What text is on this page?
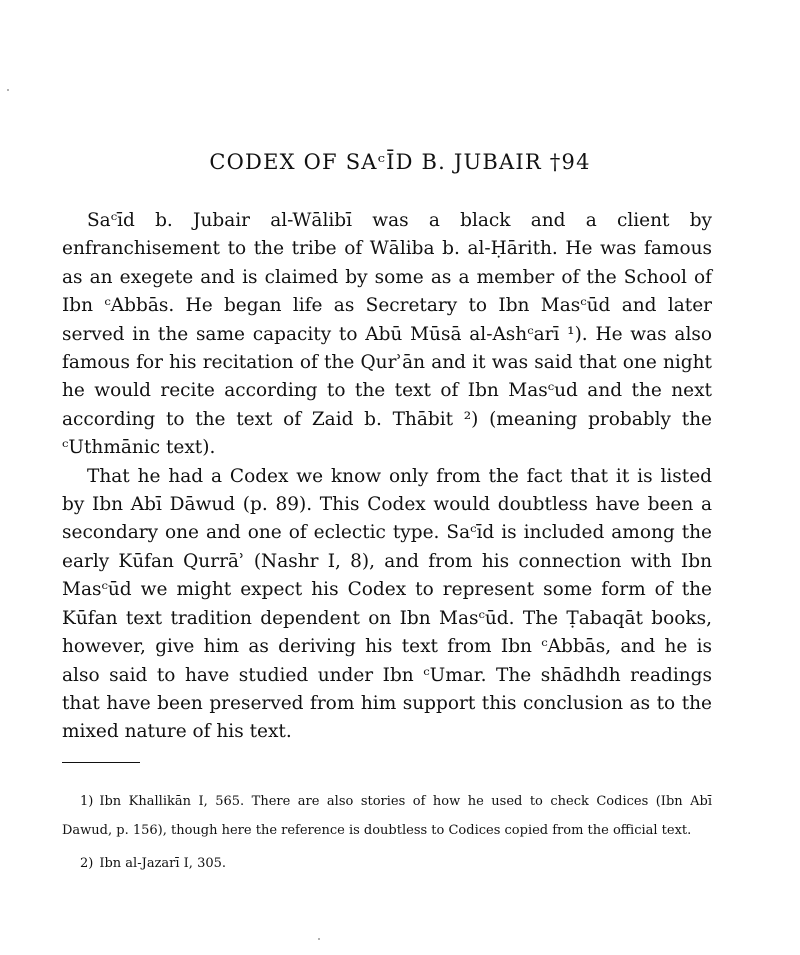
CODEX OF SAᶜĪD B. JUBAIR †94

Saᶜīd b. Jubair al-Wālibī was a black and a client by enfranchisement to the tribe of Wāliba b. al-Ḥārith. He was famous as an exegete and is claimed by some as a member of the School of Ibn ᶜAbbās. He began life as Secretary to Ibn Masᶜūd and later served in the same capacity to Abū Mūsā al-Ashᶜarī ¹). He was also famous for his recitation of the Qurʾān and it was said that one night he would recite according to the text of Ibn Masᶜud and the next according to the text of Zaid b. Thābit ²) (meaning probably the ᶜUthmānic text).

That he had a Codex we know only from the fact that it is listed by Ibn Abī Dāwud (p. 89). This Codex would doubtless have been a secondary one and one of eclectic type. Saᶜīd is included among the early Kūfan Qurrāʾ (Nashr I, 8), and from his connection with Ibn Masᶜūd we might expect his Codex to represent some form of the Kūfan text tradition dependent on Ibn Masᶜūd. The Ṭabaqāt books, however, give him as deriving his text from Ibn ᶜAbbās, and he is also said to have studied under Ibn ᶜUmar. The shādhdh readings that have been preserved from him support this conclusion as to the mixed nature of his text.

1) Ibn Khallikān I, 565. There are also stories of how he used to check Codices (Ibn Abī Dawud, p. 156), though here the reference is doubtless to Codices copied from the official text.

2) Ibn al-Jazarī I, 305.
